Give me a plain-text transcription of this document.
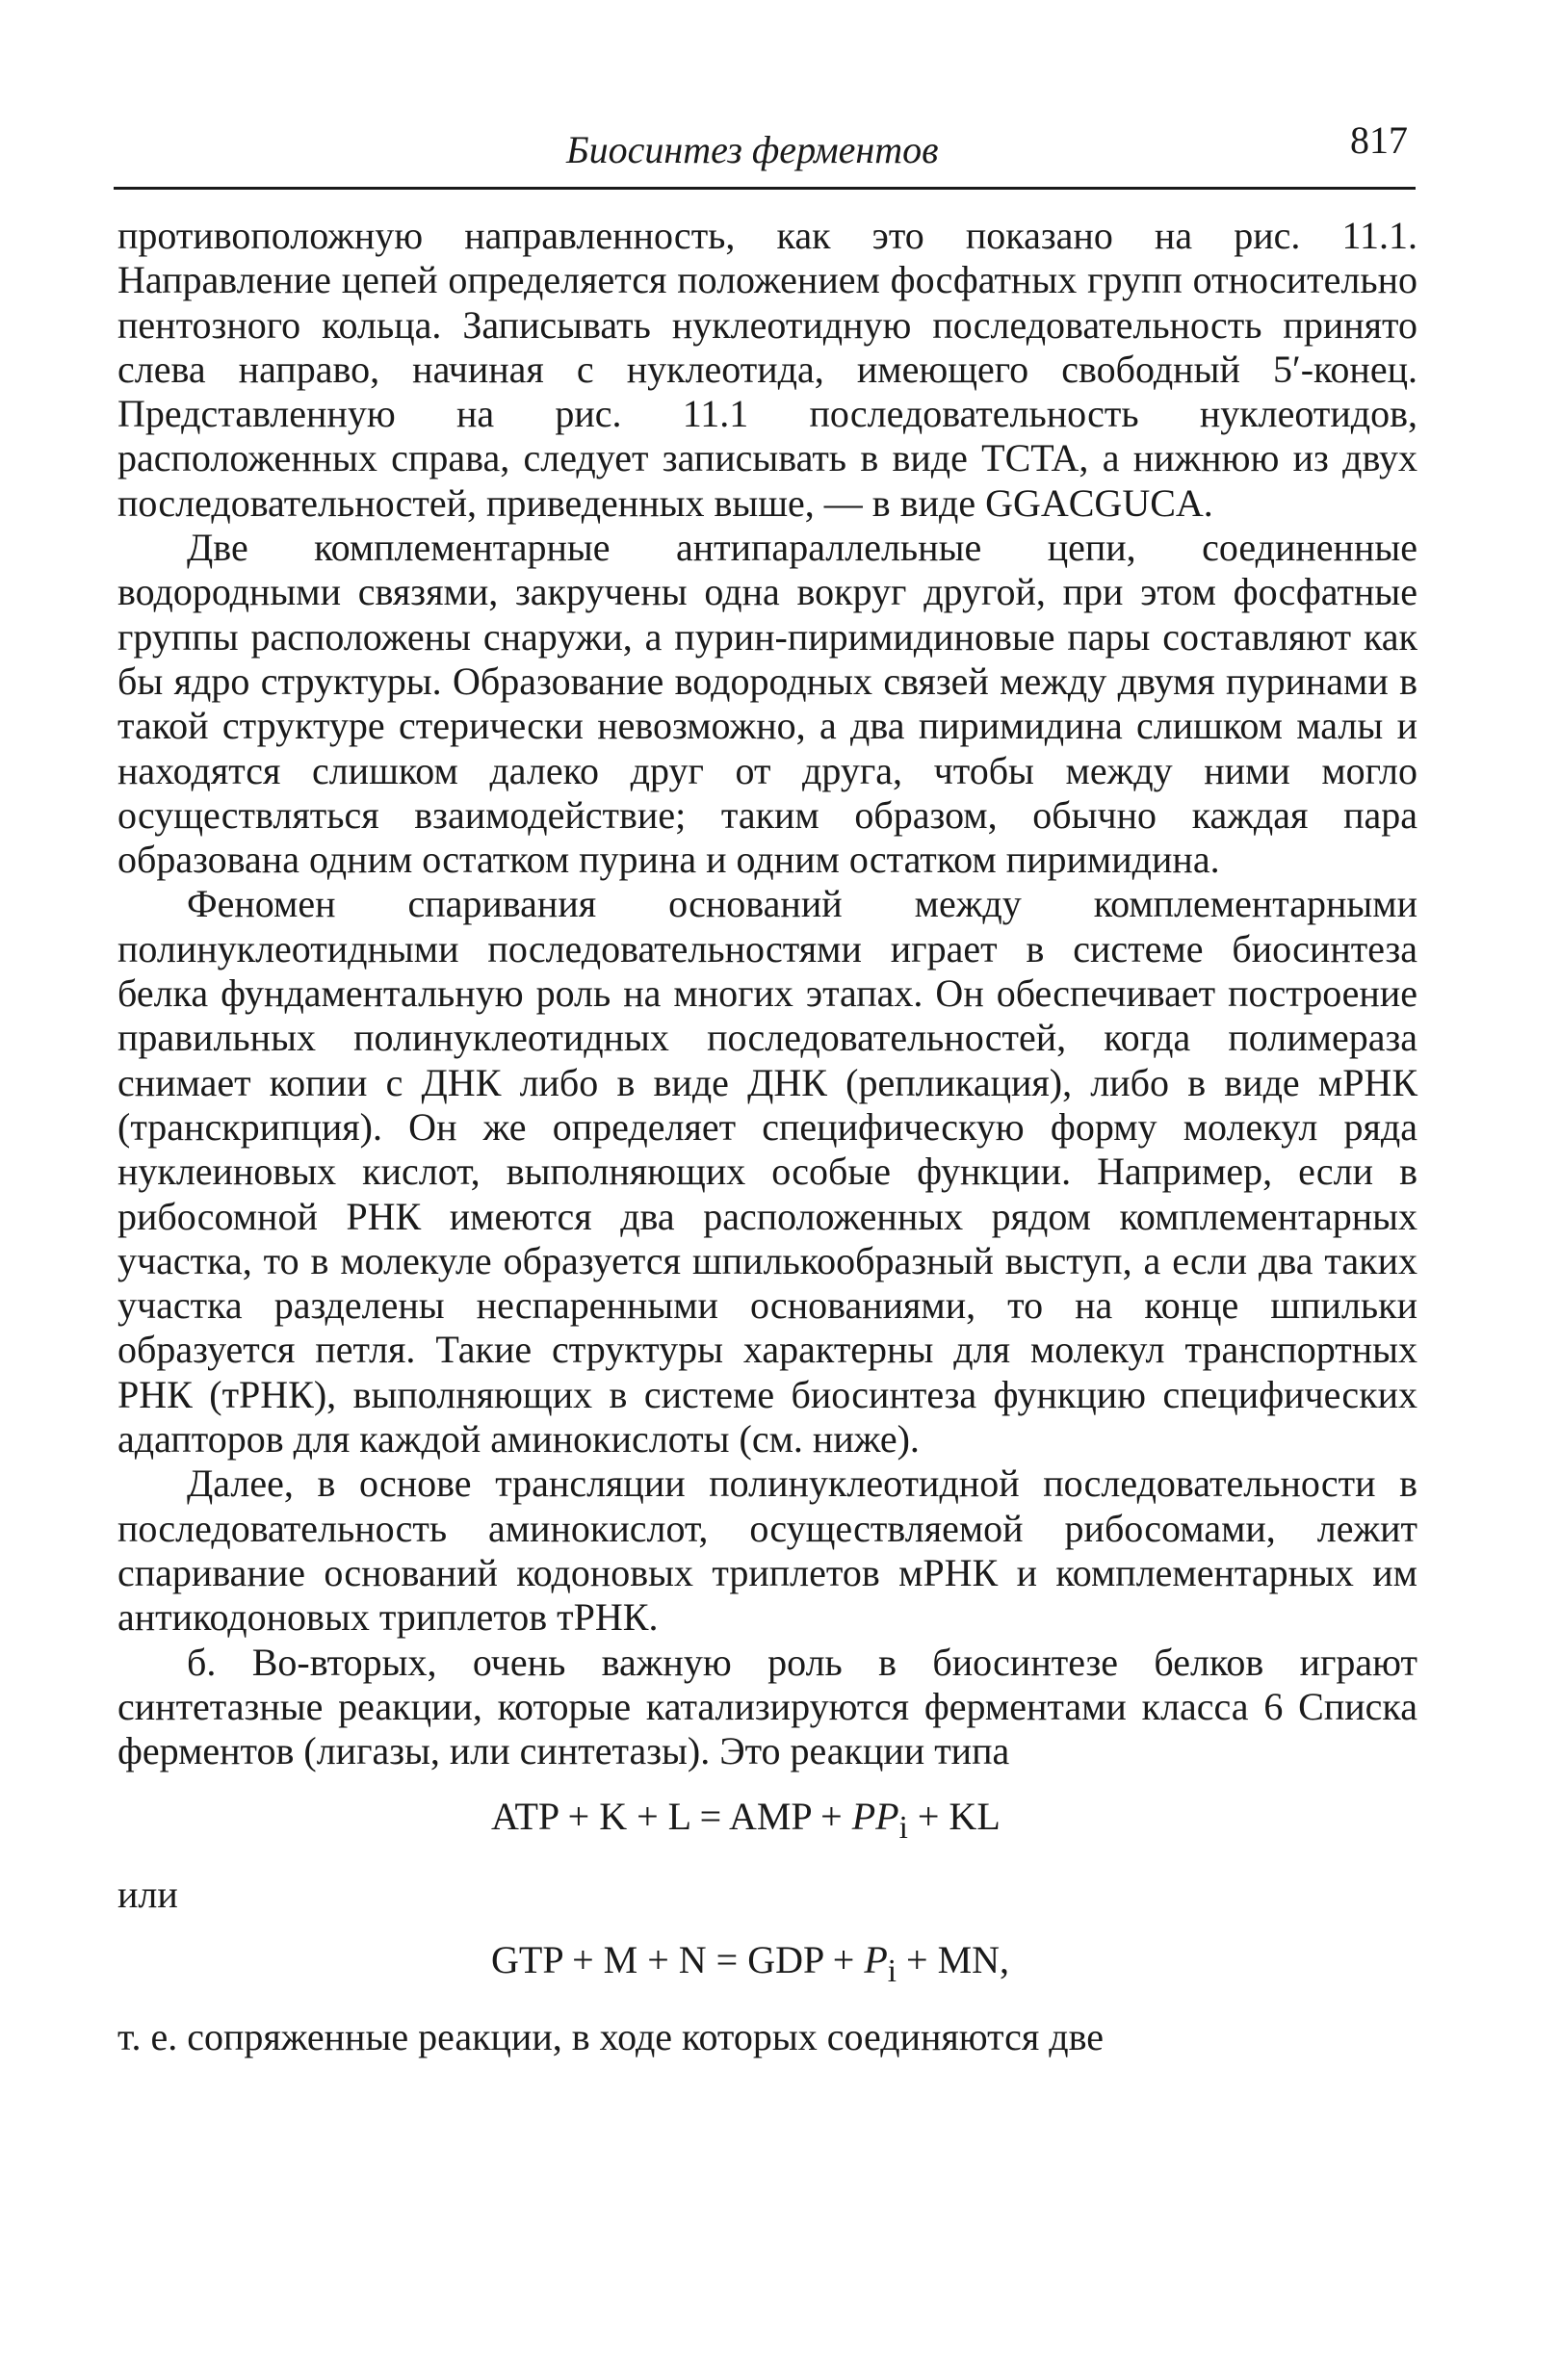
Биосинтез ферментов	817

противоположную направленность, как это показано на рис. 11.1. Направление цепей определяется положением фосфатных групп относительно пентозного кольца. Записывать нуклеотидную последовательность принято слева направо, начиная с нуклеотида, имеющего свободный 5′-конец. Представленную на рис. 11.1 последовательность нуклеотидов, расположенных справа, следует записывать в виде TCTA, а нижнюю из двух последовательностей, приведенных выше, — в виде GGACGUCA.

Две комплементарные антипараллельные цепи, соединенные водородными связями, закручены одна вокруг другой, при этом фосфатные группы расположены снаружи, а пурин-пиримидиновые пары составляют как бы ядро структуры. Образование водородных связей между двумя пуринами в такой структуре стерически невозможно, а два пиримидина слишком малы и находятся слишком далеко друг от друга, чтобы между ними могло осуществляться взаимодействие; таким образом, обычно каждая пара образована одним остатком пурина и одним остатком пиримидина.

Феномен спаривания оснований между комплементарными полинуклеотидными последовательностями играет в системе биосинтеза белка фундаментальную роль на многих этапах. Он обеспечивает построение правильных полинуклеотидных последовательностей, когда полимераза снимает копии с ДНК либо в виде ДНК (репликация), либо в виде мРНК (транскрипция). Он же определяет специфическую форму молекул ряда нуклеиновых кислот, выполняющих особые функции. Например, если в рибосомной РНК имеются два расположенных рядом комплементарных участка, то в молекуле образуется шпилькообразный выступ, а если два таких участка разделены неспаренными основаниями, то на конце шпильки образуется петля. Такие структуры характерны для молекул транспортных РНК (тРНК), выполняющих в системе биосинтеза функцию специфических адапторов для каждой аминокислоты (см. ниже).

Далее, в основе трансляции полинуклеотидной последовательности в последовательность аминокислот, осуществляемой рибосомами, лежит спаривание оснований кодоновых триплетов мРНК и комплементарных им антикодоновых триплетов тРНК.

б. Во-вторых, очень важную роль в биосинтезе белков играют синтетазные реакции, которые катализируются ферментами класса 6 Списка ферментов (лигазы, или синтетазы). Это реакции типа

ATP + K + L = AMP + $PP_i$ + KL

или

GTP + M + N = GDP + $P_i$ + MN,

т. е. сопряженные реакции, в ходе которых соединяются две
